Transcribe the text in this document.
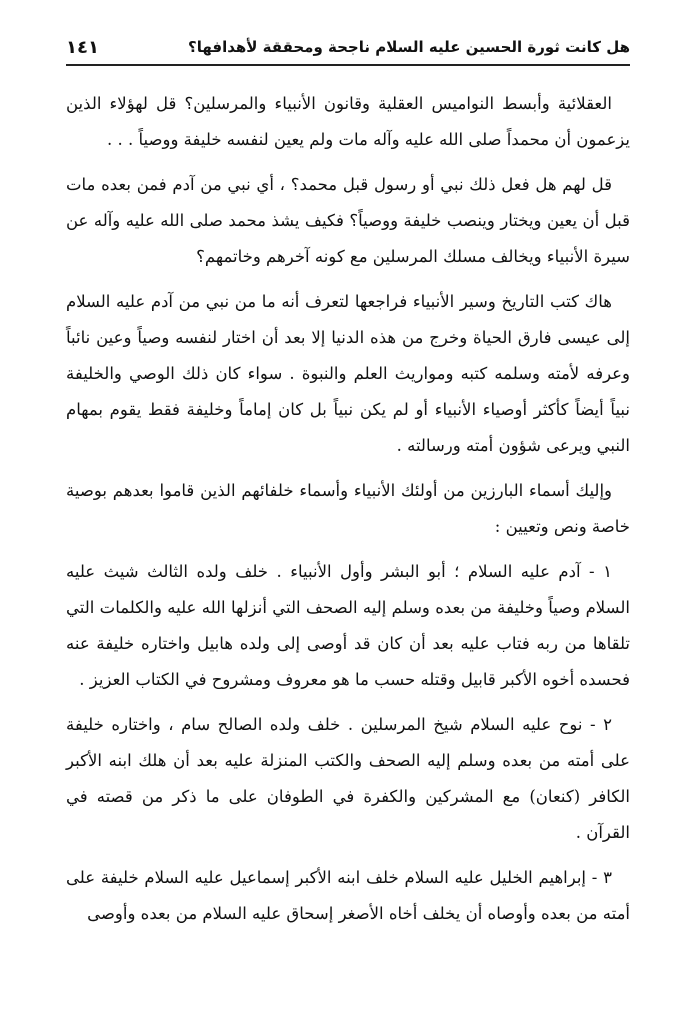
١٤١	هل كانت ثورة الحسين عليه السلام ناجحة ومحققة لأهدافها؟

العقلائية وأبسط النواميس العقلية وقانون الأنبياء والمرسلين؟ قل لهؤلاء الذين يزعمون أن محمداً صلى الله عليه وآله مات ولم يعين لنفسه خليفة ووصياً . . .

قل لهم هل فعل ذلك نبي أو رسول قبل محمد؟ ، أي نبي من آدم فمن بعده مات قبل أن يعين ويختار وينصب خليفة ووصياً؟ فكيف يشذ محمد صلى الله عليه وآله عن سيرة الأنبياء ويخالف مسلك المرسلين مع كونه آخرهم وخاتمهم؟

هاك كتب التاريخ وسير الأنبياء فراجعها لتعرف أنه ما من نبي من آدم عليه السلام إلى عيسى فارق الحياة وخرج من هذه الدنيا إلا بعد أن اختار لنفسه وصياً وعين نائباً وعرفه لأمته وسلمه كتبه ومواريث العلم والنبوة . سواء كان ذلك الوصي والخليفة نبياً أيضاً كأكثر أوصياء الأنبياء أو لم يكن نبياً بل كان إماماً وخليفة فقط يقوم بمهام النبي ويرعى شؤون أمته ورسالته .

وإليك أسماء البارزين من أولئك الأنبياء وأسماء خلفائهم الذين قاموا بعدهم بوصية خاصة ونص وتعيين :

١ - آدم عليه السلام ؛ أبو البشر وأول الأنبياء . خلف ولده الثالث شيث عليه السلام وصياً وخليفة من بعده وسلم إليه الصحف التي أنزلها الله عليه والكلمات التي تلقاها من ربه فتاب عليه بعد أن كان قد أوصى إلى ولده هابيل واختاره خليفة عنه فحسده أخوه الأكبر قابيل وقتله حسب ما هو معروف ومشروح في الكتاب العزيز .

٢ - نوح عليه السلام شيخ المرسلين . خلف ولده الصالح سام ، واختاره خليفة على أمته من بعده وسلم إليه الصحف والكتب المنزلة عليه بعد أن هلك ابنه الأكبر الكافر (كنعان) مع المشركين والكفرة في الطوفان على ما ذكر من قصته في القرآن .

٣ - إبراهيم الخليل عليه السلام خلف ابنه الأكبر إسماعيل عليه السلام خليفة على أمته من بعده وأوصاه أن يخلف أخاه الأصغر إسحاق عليه السلام من بعده وأوصى
